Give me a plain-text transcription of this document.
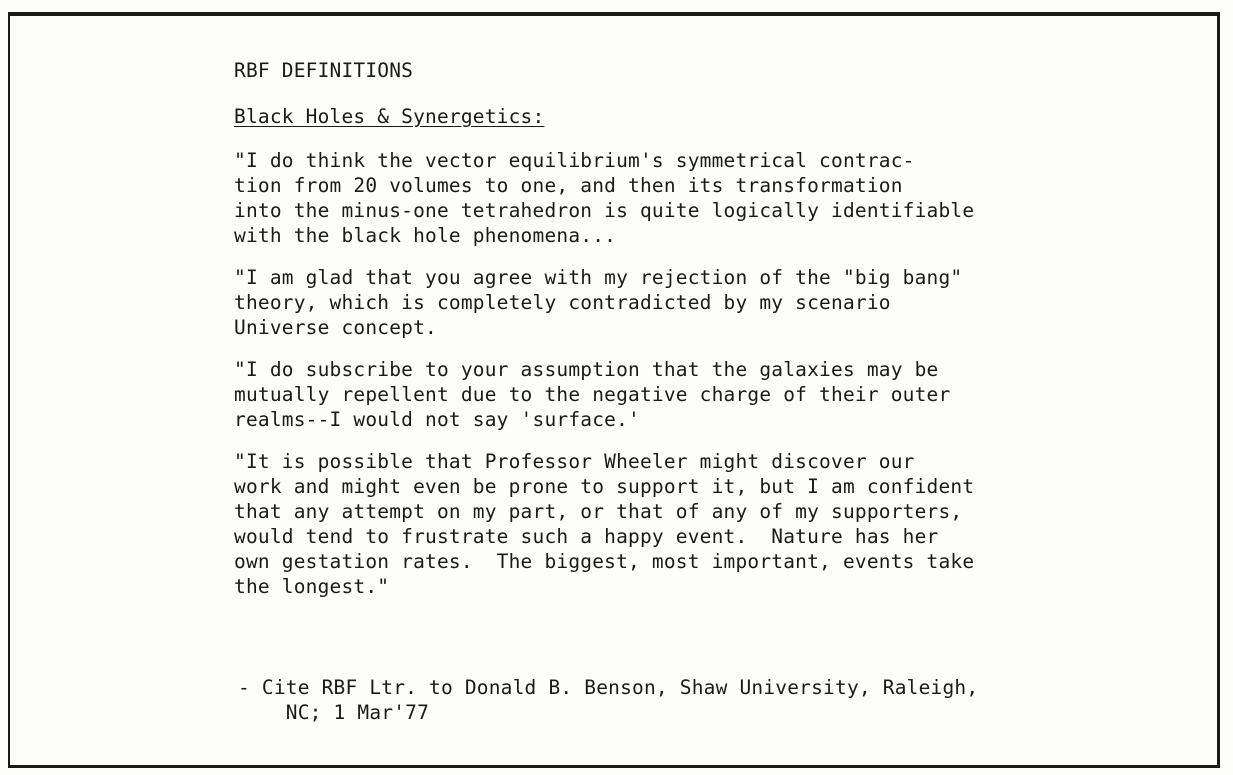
RBF DEFINITIONS
Black Holes & Synergetics:
"I do think the vector equilibrium's symmetrical contrac-
tion from 20 volumes to one, and then its transformation
into the minus-one tetrahedron is quite logically identifiable
with the black hole phenomena...
"I am glad that you agree with my rejection of the "big bang"
theory, which is completely contradicted by my scenario
Universe concept.
"I do subscribe to your assumption that the galaxies may be
mutually repellent due to the negative charge of their outer
realms--I would not say 'surface.'
"It is possible that Professor Wheeler might discover our
work and might even be prone to support it, but I am confident
that any attempt on my part, or that of any of my supporters,
would tend to frustrate such a happy event.  Nature has her
own gestation rates.  The biggest, most important, events take
the longest."
- Cite RBF Ltr. to Donald B. Benson, Shaw University, Raleigh,
NC; 1 Mar'77
